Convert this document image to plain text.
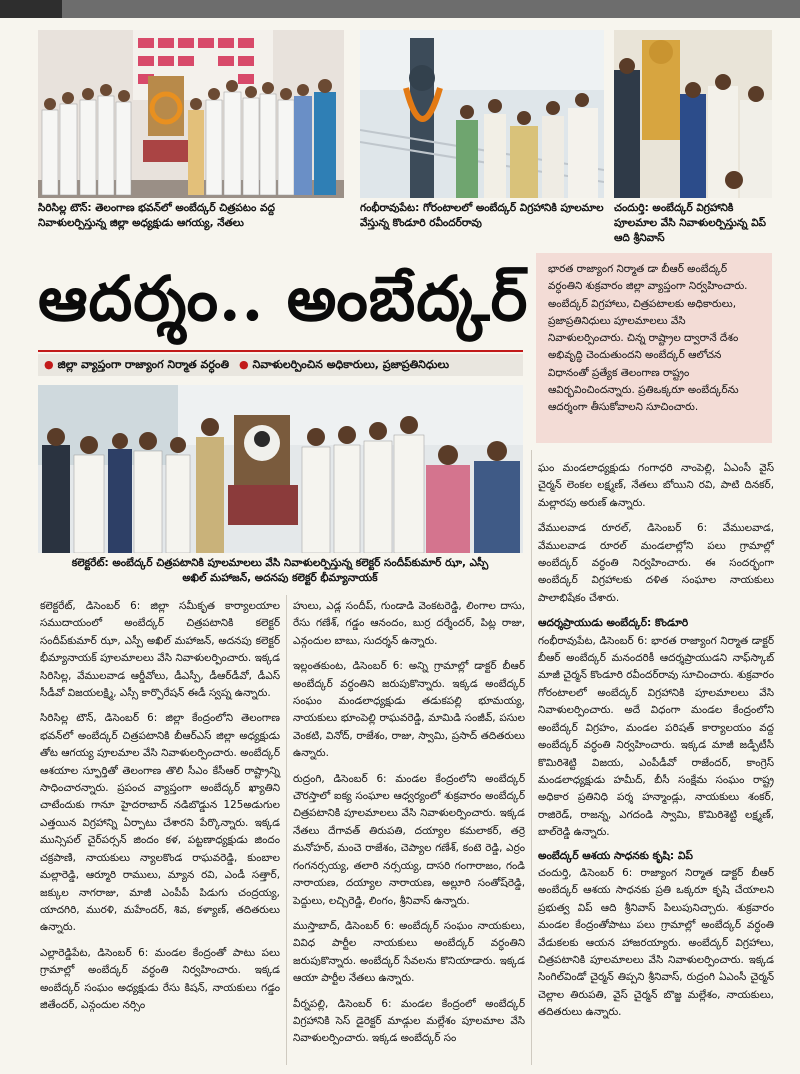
సిరిసిల్ల టౌన్: తెలంగాణ భవన్‌లో అంబేద్కర్ చిత్రపటం వద్ద నివాళులర్పిస్తున్న జిల్లా అధ్యక్షుడు ఆగయ్య, నేతలు
గంభీరావుపేట: గోరంటాలలో అంబేద్కర్ విగ్రహానికి పూలమాల వేస్తున్న కొండూరి రవీందర్‌రావు
చందుర్తి: అంబేద్కర్ విగ్రహానికి పూలమాల వేసి నివాళులర్పిస్తున్న విప్ ఆది శ్రీనివాస్
ఆదర్శం.. అంబేద్కర్
● జిల్లా వ్యాప్తంగా రాజ్యాంగ నిర్మాత వర్ధంతి ● నివాళులర్పించిన అధికారులు, ప్రజాప్రతినిధులు
భారత రాజ్యాంగ నిర్మాత డా బీఆర్ అంబేద్కర్ వర్ధంతిని శుక్రవారం జిల్లా వ్యాప్తంగా నిర్వహించారు. అంబేద్కర్ విగ్రహాలు, చిత్రపటాలకు అధికారులు, ప్రజాప్రతినిధులు పూలమాలలు వేసి నివాళులర్పించారు. చిన్న రాష్ట్రాల ద్వారానే దేశం అభివృద్ధి చెందుతుందని అంబేద్కర్ ఆలోచన విధానంతో ప్రత్యేక తెలంగాణ రాష్ట్రం ఆవిర్భవించిందన్నారు. ప్రతిఒక్కరూ అంబేద్కర్‌ను ఆదర్శంగా తీసుకోవాలని సూచించారు.
కలెక్టరేట్: అంబేద్కర్ చిత్రపటానికి పూలమాలలు వేసి నివాళులర్పిస్తున్న కలెక్టర్ సందీప్‌కుమార్ ఝా, ఎస్పీ అఖిల్ మహాజన్, అదనపు కలెక్టర్ భీమ్యానాయక్

కలెక్టరేట్, డిసెంబర్ 6: జిల్లా సమీకృత కార్యాలయాల సముదాయంలో అంబేద్కర్ చిత్రపటానికి కలెక్టర్ సందీప్‌కుమార్ ఝా, ఎస్పీ అఖిల్ మహాజన్, అదనపు కలెక్టర్ భీమ్యానాయక్ పూలమాలలు వేసి నివాళులర్పించారు. ఇక్కడ సిరిసిల్ల, వేములవాడ ఆర్డీవోలు, డీఎస్పీ, డీఆర్‌డీవో, డీఎస్ సీడీవో విజయలక్ష్మి, ఎస్సీ కార్పొరేషన్ ఈడీ స్వప్న ఉన్నారు.

సిరిసిల్ల టౌన్, డిసెంబర్ 6: జిల్లా కేంద్రంలోని తెలంగాణ భవన్‌లో అంబేద్కర్ చిత్రపటానికి బీఆర్‌ఎస్ జిల్లా అధ్యక్షుడు తోట ఆగయ్య పూలమాల వేసి నివాళులర్పించారు. అంబేద్కర్ ఆశయాల స్ఫూర్తితో తెలంగాణ తొలి సీఎం కేసీఆర్ రాష్ట్రాన్ని సాధించారన్నారు. ప్రపంచ వ్యాప్తంగా అంబేద్కర్ ఖ్యాతిని చాటేందుకు గానూ హైదరాబాద్ నడిబొడ్డున 125అడుగుల ఎత్తయిన విగ్రహాన్ని ఏర్పాటు చేశారని పేర్కొన్నారు. ఇక్కడ మున్సిపల్ చైర్‌పర్సన్ జిందం కళ, పట్టణాధ్యక్షుడు జిందం చక్రపాణి, నాయకులు న్యాలకొండ రాఘవరెడ్డి, కుంబాల మల్లారెడ్డి, ఆర్మూరి రాములు, మ్యాన రవి, ఎండీ సత్తార్, జక్కుల నాగరాజు, మాజీ ఎంపీపీ పిడుగు చంద్రయ్య, యాదగిరి, మురళి, మహేందర్, శివ, కళ్యాణ్, తదితరులు ఉన్నారు.

ఎల్లారెడ్డిపేట, డిసెంబర్ 6: మండల కేంద్రంతో పాటు పలు గ్రామాల్లో అంబేద్కర్ వర్ధంతి నిర్వహించారు. ఇక్కడ అంబేద్కర్ సంఘం అధ్యక్షుడు రేసు కిషన్, నాయకులు గడ్డం జితేందర్, ఎన్గందుల నర్సిం

హులు, ఎడ్ల సందీప్, గుండాడి వెంకటరెడ్డి, లింగాల దాసు, రేసు గణేశ్, గడ్డం ఆనందం, బుర్ర దర్శేందర్, పిట్ల రాజు, ఎన్గందుల బాబు, సుదర్శన్ ఉన్నారు.

ఇల్లంతకుంట, డిసెంబర్ 6: అన్ని గ్రామాల్లో డాక్టర్ బీఆర్ అంబేద్కర్ వర్ధంతిని జరుపుకొన్నారు. ఇక్కడ అంబేద్కర్ సంఘం మండలాధ్యక్షుడు తడుకపల్లి భూమయ్య, నాయకులు భూంపెల్లి రాఘవరెడ్డి, మామిడి సంజీవ్, పసుల వెంకటి, వినోద్, రాజేశం, రాజు, స్వామి, ప్రసాద్ తదితరులు ఉన్నారు.

రుద్రంగి, డిసెంబర్ 6: మండల కేంద్రంలోని అంబేద్కర్ చౌరస్తాలో ఐక్య సంఘాల ఆధ్వర్యంలో శుక్రవారం అంబేద్కర్ చిత్రపటానికి పూలమాలలు వేసి నివాళులర్పించారు. ఇక్కడ నేతలు దేగావత్ తిరుపతి, దయ్యాల కమలాకర్, తర్రె మనోహర్, మంచె రాజేశం, చెప్యాల గణేశ్, కంటె రెడ్డి, ఎర్రం గంగనర్సయ్య, తలారి నర్సయ్య, దాసరి గంగారాజం, గండి నారాయణ, దయ్యాల నారాయణ, అల్లూరి సంతోష్‌రెడ్డి, పెద్దులు, లచ్చిరెడ్డి, లింగం, శ్రీనివాస్ ఉన్నారు.

ముస్తాబాద్, డిసెంబర్ 6: అంబేద్కర్ సంఘం నాయకులు, వివిధ పార్టీల నాయకులు అంబేద్కర్ వర్ధంతిని జరుపుకొన్నారు. అంబేద్కర్ సేవలను కొనియాడారు. ఇక్కడ ఆయా పార్టీల నేతలు ఉన్నారు.

వీర్నపల్లి, డిసెంబర్ 6: మండల కేంద్రంలో అంబేద్కర్ విగ్రహానికి సెస్ డైరెక్టర్ మాడ్గుల మల్లేశం పూలమాల వేసి నివాళులర్పించారు. ఇక్కడ అంబేద్కర్ సం

ఘం మండలాధ్యక్షుడు గంగాధరి నాంపెల్లి, ఏఎంసీ వైస్ చైర్మన్ లెంకల లక్ష్మణ్, నేతలు బోయిని రవి, పాటి దినకర్, మల్లారపు అరుణ్ ఉన్నారు.

వేములవాడ రూరల్, డిసెంబర్ 6: వేములవాడ, వేములవాడ రూరల్ మండలాల్లోని పలు గ్రామాల్లో అంబేద్కర్ వర్ధంతి నిర్వహించారు. ఈ సందర్భంగా అంబేద్కర్ విగ్రహాలకు దళిత సంఘాల నాయకులు పాలాభిషేకం చేశారు.

ఆదర్శప్రాయుడు అంబేద్కర్: కొండూరి

గంభీరావుపేట, డిసెంబర్ 6: భారత రాజ్యాంగ నిర్మాత డాక్టర్ బీఆర్ అంబేద్కర్ మనందరికీ ఆదర్శప్రాయుడని నాఫ్‌స్కాబ్ మాజీ చైర్మన్ కొండూరి రవీందర్‌రావు సూచించారు. శుక్రవారం గోరంటాలలో అంబేద్కర్ విగ్రహానికి పూలమాలలు వేసి నివాళులర్పించారు. అదే విధంగా మండల కేంద్రంలోని అంబేద్కర్ విగ్రహం, మండల పరిషత్ కార్యాలయం వద్ద అంబేద్కర్ వర్ధంతి నిర్వహించారు. ఇక్కడ మాజీ జడ్పీటీసీ కొమిరిశెట్టి విజయ, ఎంపీడీవో రాజేందర్, కాంగ్రెస్ మండలాధ్యక్షుడు హమీద్, బీసీ సంక్షేమ సంఘం రాష్ట్ర అధికార ప్రతినిధి పర్శ హన్మాండ్లు, నాయకులు శంకర్, రాజిరెడ్, రాజన్న, ఎగదండి స్వామి, కొమిరిశెట్టి లక్ష్మణ్, బాల్‌రెడ్డి ఉన్నారు.

అంబేద్కర్ ఆశయ సాధనకు కృషి: విప్

చందుర్తి, డిసెంబర్ 6: రాజ్యాంగ నిర్మాత డాక్టర్ బీఆర్ అంబేద్కర్ ఆశయ సాధనకు ప్రతి ఒక్కరూ కృషి చేయాలని ప్రభుత్వ విప్ ఆది శ్రీనివాస్ పిలుపునిచ్చారు. శుక్రవారం మండల కేంద్రంతోపాటు పలు గ్రామాల్లో అంబేద్కర్ వర్ధంతి వేడుకలకు ఆయన హాజరయ్యారు. అంబేద్కర్ విగ్రహాలు, చిత్రపటానికి పూలమాలలు వేసి నివాళులర్పించారు. ఇక్కడ సింగిల్‌విండో చైర్మన్ తిప్పని శ్రీనివాస్, రుద్రంగి ఏఎంసీ చైర్మన్ చెల్లాల తిరుపతి, వైస్ చైర్మన్ బొజ్జ మల్లేశం, నాయకులు, తదితరులు ఉన్నారు.
